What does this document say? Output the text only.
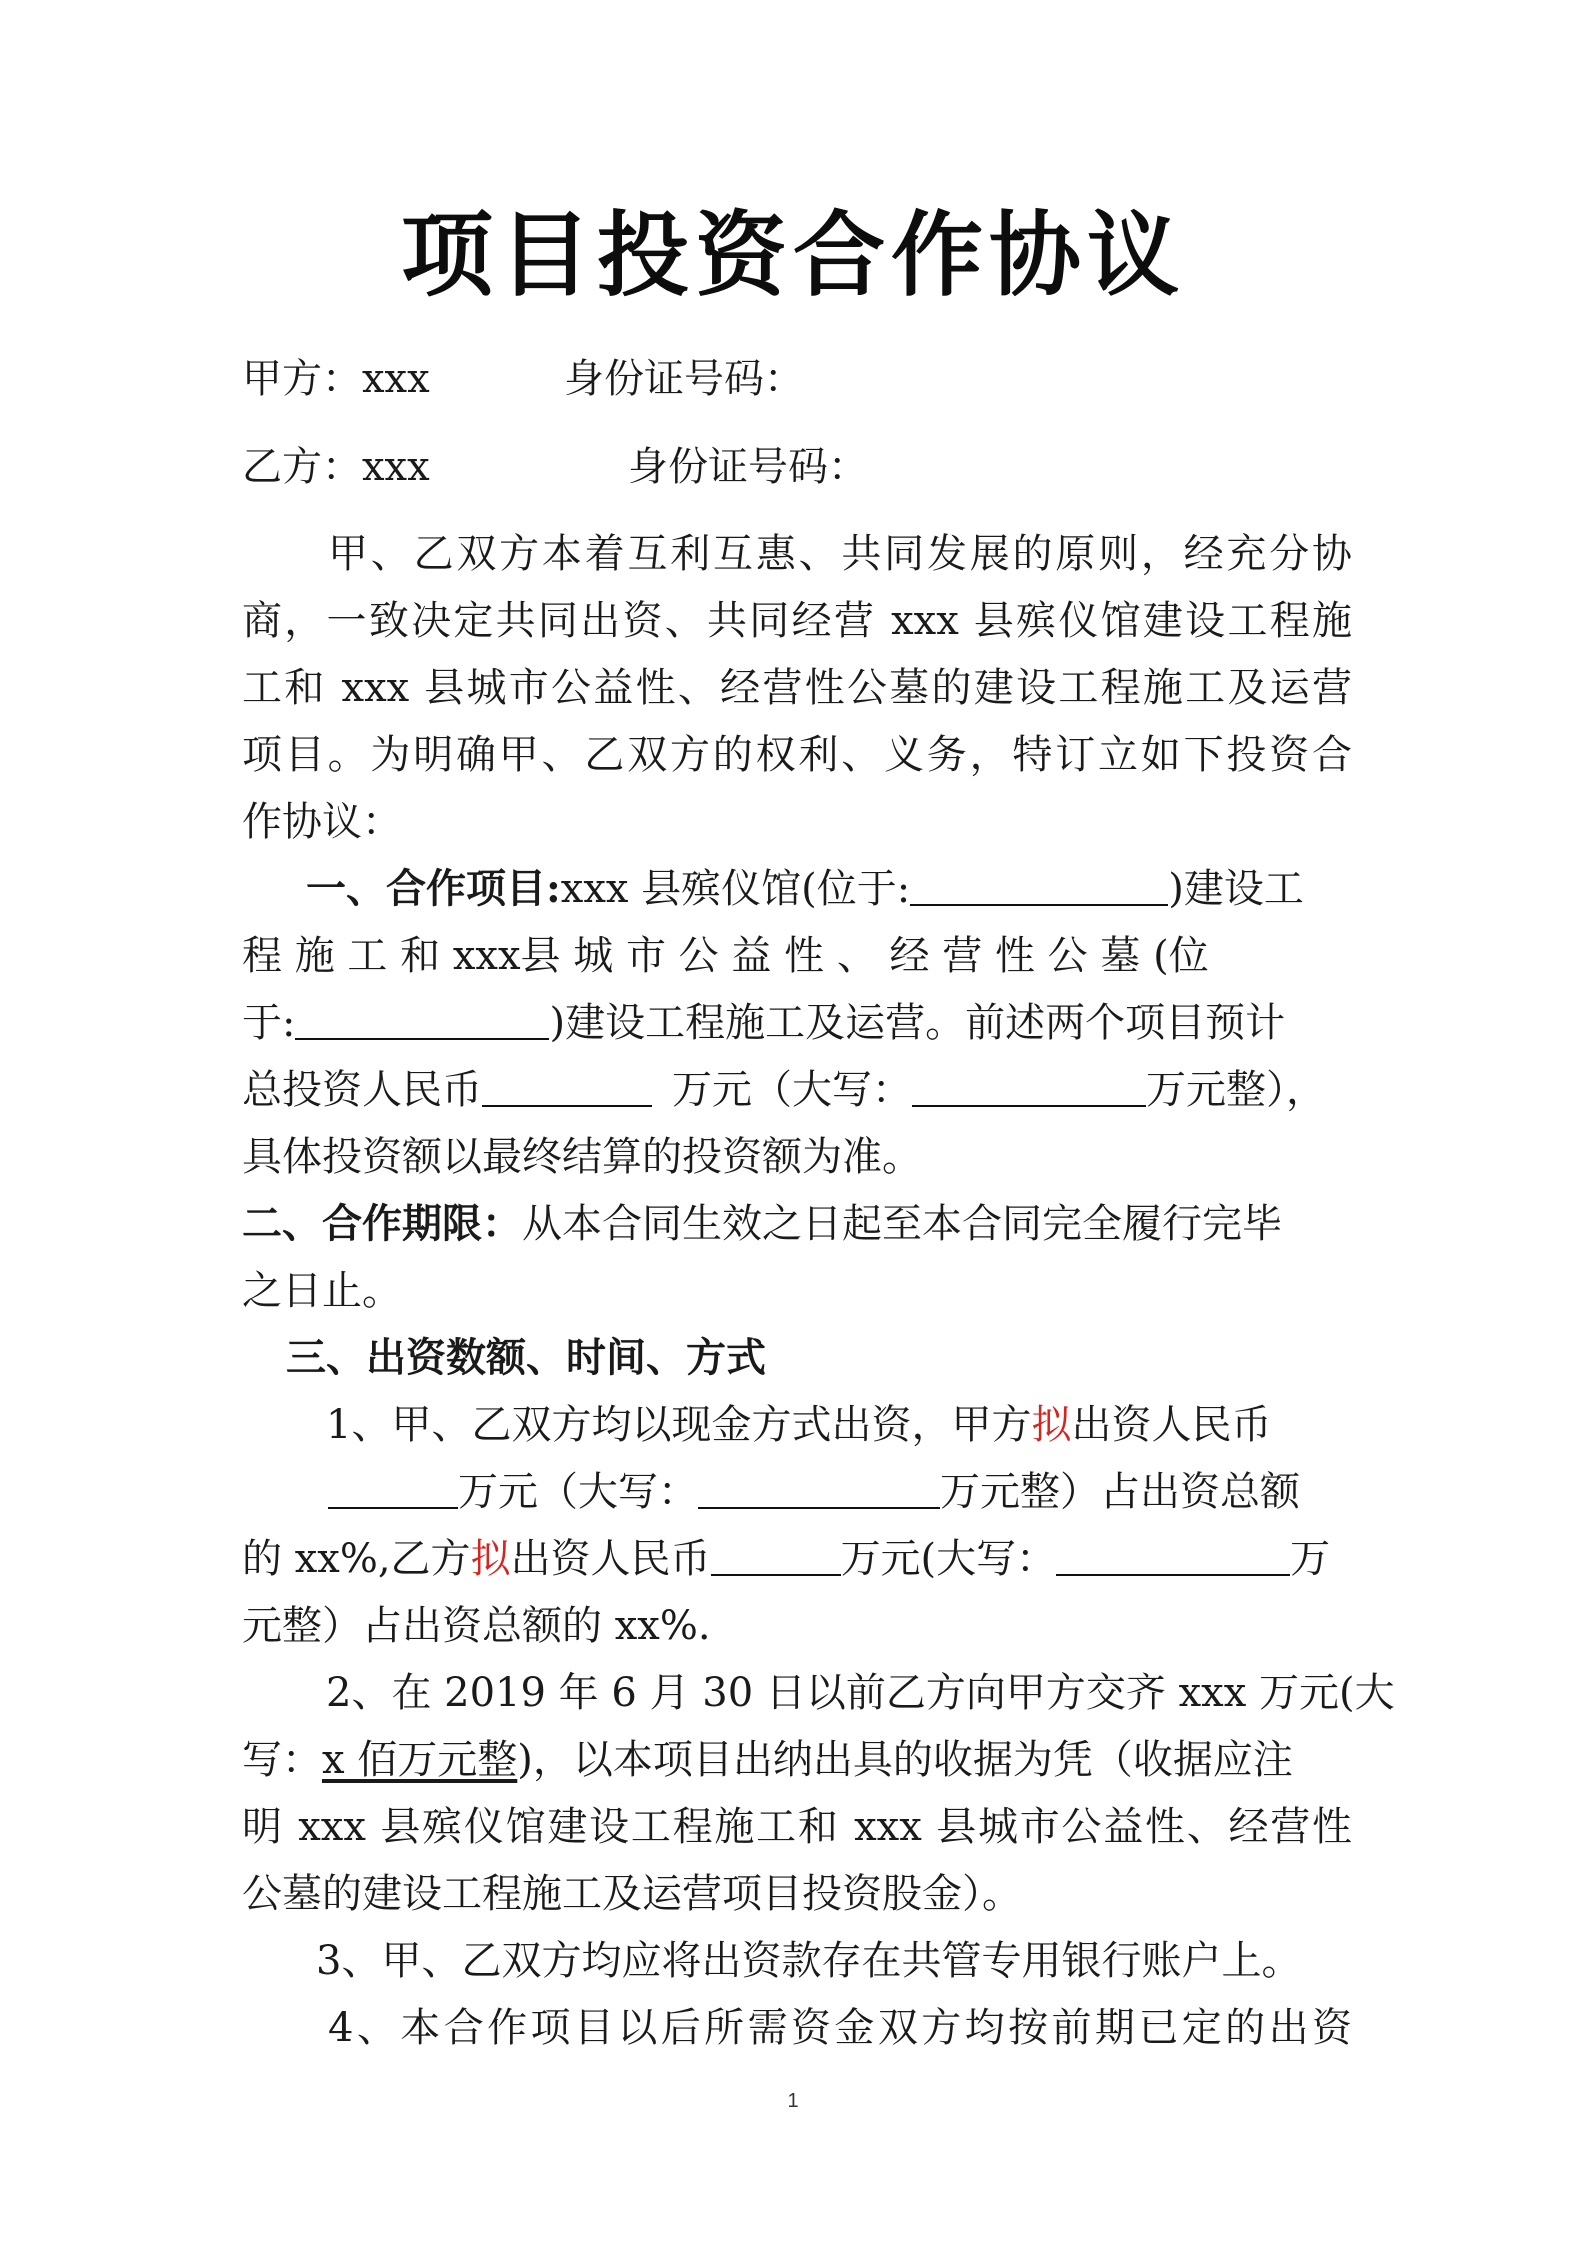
项目投资合作协议
甲方：xxx	身份证号码：
乙方：xxx	身份证号码：
甲、乙双方本着互利互惠、共同发展的原则，经充分协
商，一致决定共同出资、共同经营 xxx 县殡仪馆建设工程施
工和 xxx 县城市公益性、经营性公墓的建设工程施工及运营
项目。为明确甲、乙双方的权利、义务，特订立如下投资合
作协议：
一、合作项目:xxx 县殡仪馆(位于:	)建设工
程 施 工 和 xxx县 城 市 公 益 性 、 经 营 性 公 墓 (位
于:	)建设工程施工及运营。前述两个项目预计
总投资人民币	万元（大写：	万元整），
具体投资额以最终结算的投资额为准。
二、合作期限：从本合同生效之日起至本合同完全履行完毕
之日止。
三、出资数额、时间、方式
1、甲、乙双方均以现金方式出资，甲方拟出资人民币
万元（大写：	万元整）占出资总额
的 xx%,乙方拟出资人民币	万元(大写：	万
元整）占出资总额的 xx%.
2、在 2019 年 6 月 30 日以前乙方向甲方交齐 xxx 万元(大
写：x 佰万元整)，以本项目出纳出具的收据为凭（收据应注
明 xxx 县殡仪馆建设工程施工和 xxx 县城市公益性、经营性
公墓的建设工程施工及运营项目投资股金）。
3、甲、乙双方均应将出资款存在共管专用银行账户上。
4、本合作项目以后所需资金双方均按前期已定的出资
1
